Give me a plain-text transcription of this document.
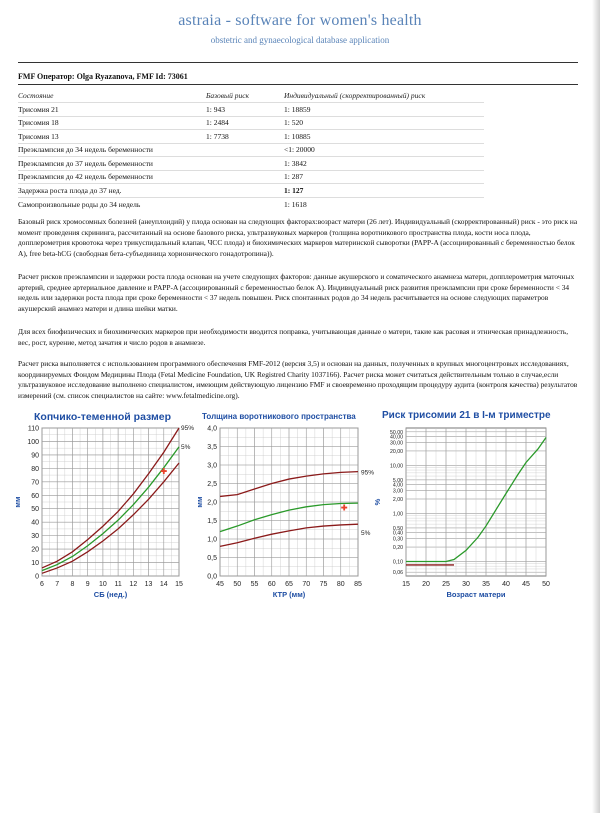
astraia - software for women's health
obstetric and gynaecological database application
FMF Оператор: Olga Ryazanova, FMF Id: 73061
Состояние	Базовый риск	Индивидуальный (скорректированный) риск
Трисомия 21	1: 943	1: 18859
Трисомия 18	1: 2484	1: 520
Трисомия 13	1: 7738	1: 10885
Преэклампсия до 34 недель беременности		<1: 20000
Преэклампсия до 37 недель беременности		1: 3842
Преэклампсия до 42 недель беременности		1: 287
Задержка роста плода до 37 нед.		1: 127
Самопроизвольные роды до 34 недель		1: 1618
Базовый риск хромосомных болезней (анеуплоидий) у плода основан на следующих факторах:возраст матери (26 лет). Индивидуальный (скорректированный) риск - это риск на момент проведения скрининга, рассчитанный на основе базового риска, ультразвуковых маркеров (толщина воротникового пространства плода, кости носа плода, допплерометрия кровотока через трикуспидальный клапан, ЧСС плода) и биохимических маркеров материнской сыворотки (PAPP-A (ассоциированный с беременностью белок А), free beta-hCG (свободная бета-субъединица хорионического гонадотропина)).
Расчет рисков преэклампсии и задержки роста плода основан на учете следующих факторов: данные акушерского и соматического анамнеза матери, допплерометрия маточных артерий, среднее артериальное давление и PAPP-A (ассоциированный с беременностью белок А). Индивидуальный риск развития преэклампсии при сроке беременности < 34 недель или задержки роста плода при сроке беременности < 37 недель повышен. Риск спонтанных родов до 34 недель расчитывается на основе следующих параметров акушерский анамнез матери и длина шейки матки.
Для всех биофизических и биохимических маркеров при необходимости вводится поправка, учитывающая данные о матери, такие как расовая и этническая принадлежность, вес, рост, курение, метод зачатия и число родов в анамнезе.
Расчет риска выполняется с использованием программного обеспечения FMF-2012 (версия 3,5) и основан на данных, полученных в крупных многоцентровых исследованиях, координируемых Фондом Медицины Плода (Fetal Medicine Foundation, UK Registred Charity 1037166). Расчет риска может считаться действительным только в случае,если ультразвуковое исследование выполнено специалистом, имеющим действующую лицензию FMF и своевременно проходящим процедуру аудита (контроля качества) результатов измерений (см. список специалистов на сайте: www.fetalmedicine.org).
Копчико-теменной размер	Толщина воротникового пространства	Риск трисомии 21 в I-м триместре
0
10
20
30
40
50
60
70
80
90
100
110
6 7 8 9 10 11 12 13 14 15
95%
5%
СБ (нед.)
мм
0,0
0,5
1,0
1,5
2,0
2,5
3,0
3,5
4,0
45 50 55 60 65 70 75 80 85
95%
5%
КТР (мм)
мм
50,00
40,00
30,00
20,00
10,00
5,00
4,00
3,00
2,00
1,00
0,50
0,40
0,30
0,20
0,10
0,06
15 20 25 30 35 40 45 50
Возраст матери
%
